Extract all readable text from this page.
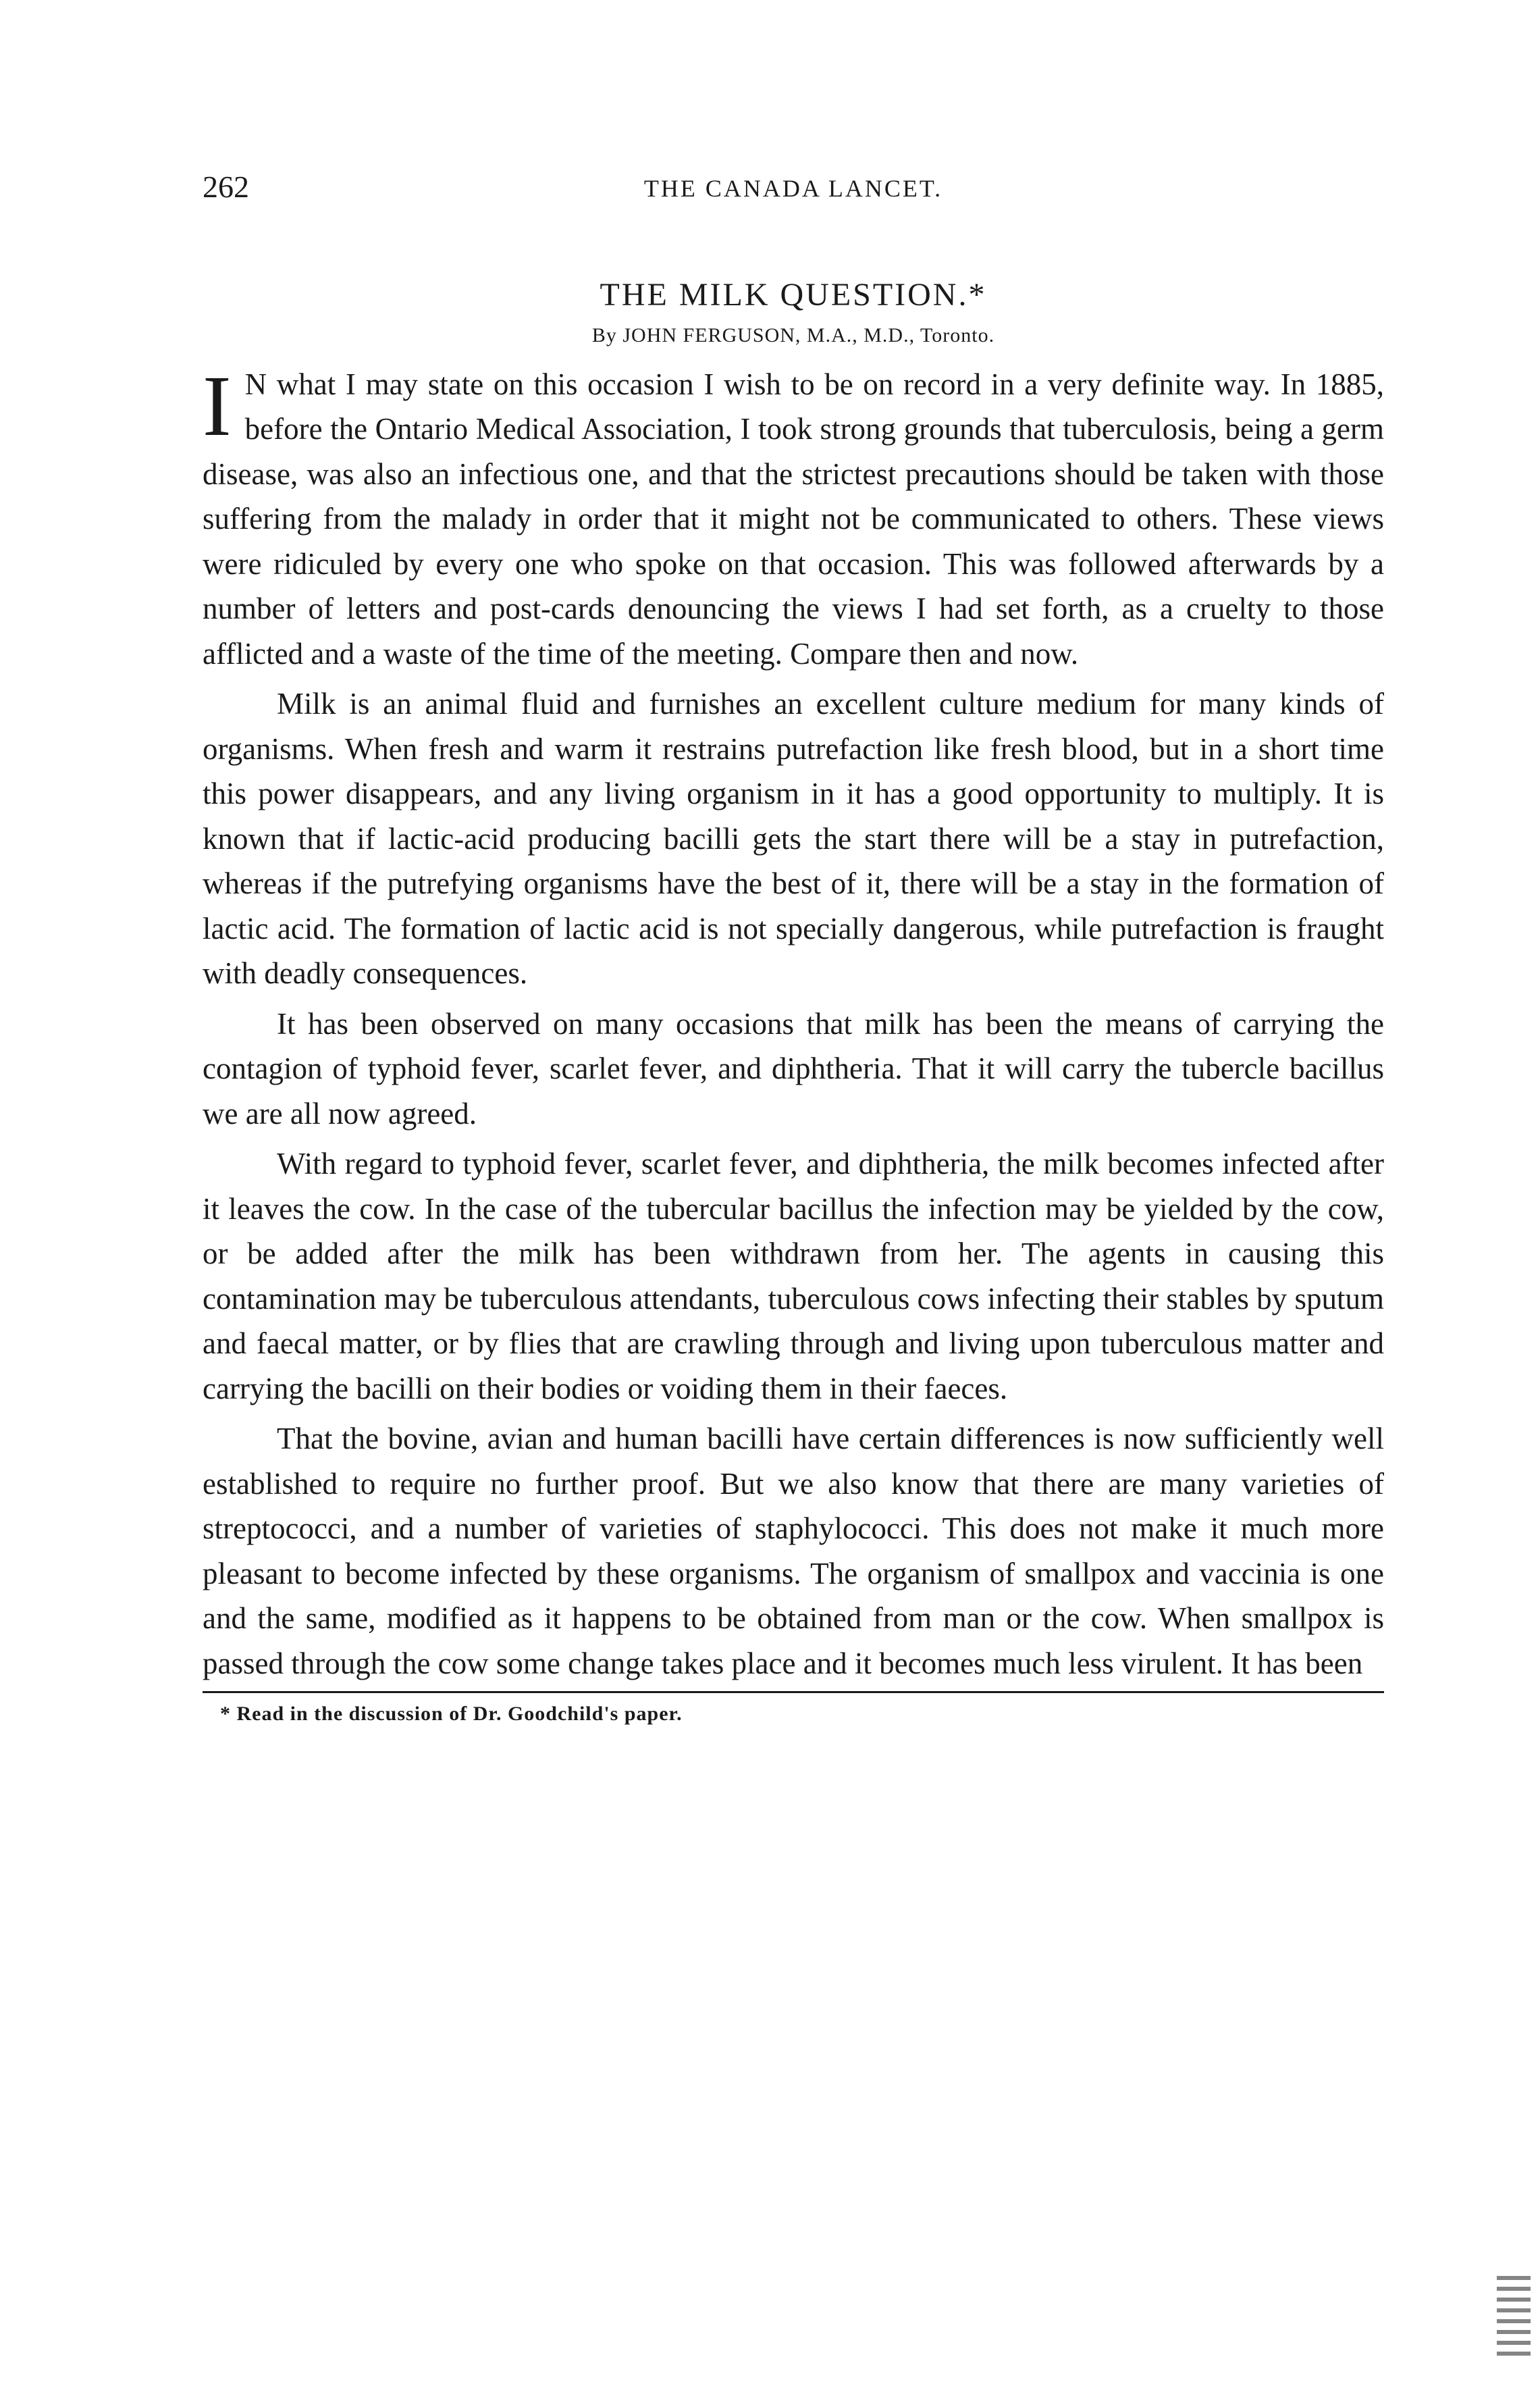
262	THE CANADA LANCET.
THE MILK QUESTION.*
By JOHN FERGUSON, M.A., M.D., Toronto.

I N what I may state on this occasion I wish to be on record in a very definite way. In 1885, before the Ontario Medical Association, I took strong grounds that tuberculosis, being a germ disease, was also an infectious one, and that the strictest precautions should be taken with those suffering from the malady in order that it might not be communicated to others. These views were ridiculed by every one who spoke on that occasion. This was followed afterwards by a number of letters and post-cards denouncing the views I had set forth, as a cruelty to those afflicted and a waste of the time of the meeting. Compare then and now.

Milk is an animal fluid and furnishes an excellent culture medium for many kinds of organisms. When fresh and warm it restrains putrefaction like fresh blood, but in a short time this power disappears, and any living organism in it has a good opportunity to multiply. It is known that if lactic-acid producing bacilli gets the start there will be a stay in putrefaction, whereas if the putrefying organisms have the best of it, there will be a stay in the formation of lactic acid. The formation of lactic acid is not specially dangerous, while putrefaction is fraught with deadly consequences.

It has been observed on many occasions that milk has been the means of carrying the contagion of typhoid fever, scarlet fever, and diphtheria. That it will carry the tubercle bacillus we are all now agreed.

With regard to typhoid fever, scarlet fever, and diphtheria, the milk becomes infected after it leaves the cow. In the case of the tubercular bacillus the infection may be yielded by the cow, or be added after the milk has been withdrawn from her. The agents in causing this contamination may be tuberculous attendants, tuberculous cows infecting their stables by sputum and faecal matter, or by flies that are crawling through and living upon tuberculous matter and carrying the bacilli on their bodies or voiding them in their faeces.

That the bovine, avian and human bacilli have certain differences is now sufficiently well established to require no further proof. But we also know that there are many varieties of streptococci, and a number of varieties of staphylococci. This does not make it much more pleasant to become infected by these organisms. The organism of smallpox and vaccinia is one and the same, modified as it happens to be obtained from man or the cow. When smallpox is passed through the cow some change takes place and it becomes much less virulent. It has been

* Read in the discussion of Dr. Goodchild's paper.
